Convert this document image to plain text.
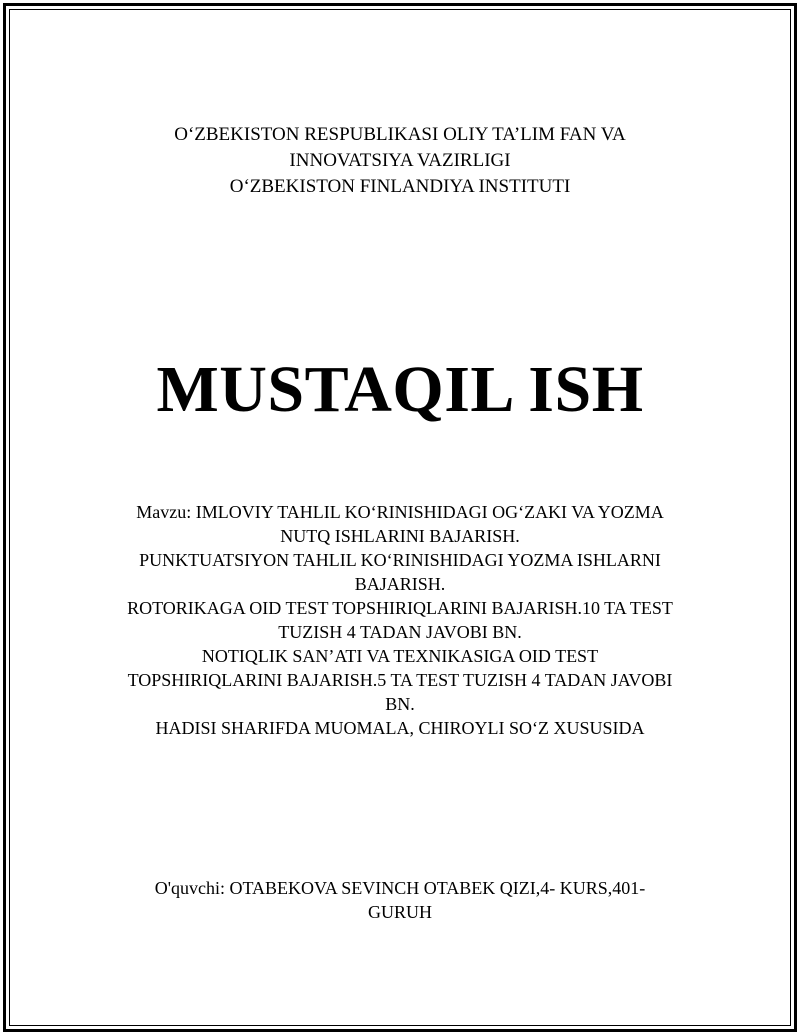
O‘ZBEKISTON RESPUBLIKASI OLIY TA’LIM FAN VA
INNOVATSIYA VAZIRLIGI
O‘ZBEKISTON FINLANDIYA INSTITUTI
MUSTAQIL ISH
Mavzu: IMLOVIY TAHLIL KO‘RINISHIDAGI OG‘ZAKI VA YOZMA
NUTQ ISHLARINI BAJARISH.
PUNKTUATSIYON TAHLIL KO‘RINISHIDAGI YOZMA ISHLARNI
BAJARISH.
ROTORIKAGA OID TEST TOPSHIRIQLARINI BAJARISH.10 TA TEST
TUZISH 4 TADAN JAVOBI BN.
NOTIQLIK SAN’ATI VA TEXNIKASIGA OID TEST
TOPSHIRIQLARINI BAJARISH.5 TA TEST TUZISH 4 TADAN JAVOBI
BN.
HADISI SHARIFDA MUOMALA, CHIROYLI SO‘Z XUSUSIDA
O'quvchi: OTABEKOVA SEVINCH OTABEK QIZI,4- KURS,401-
GURUH
